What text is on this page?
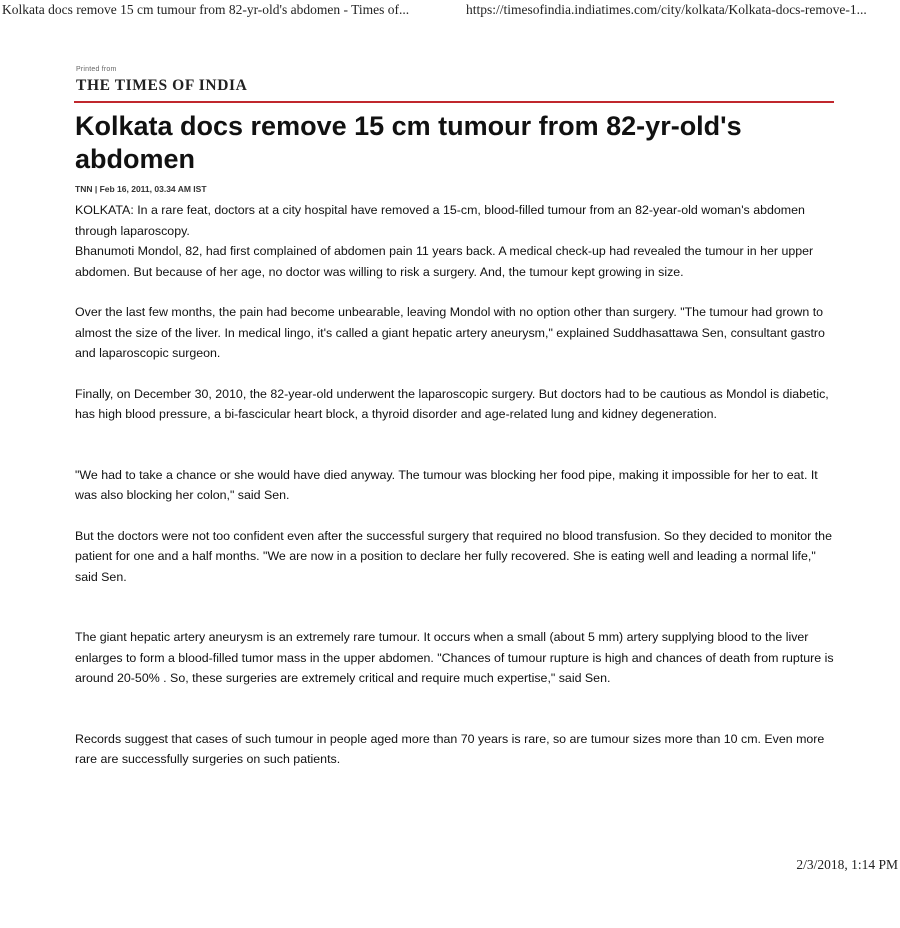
Kolkata docs remove 15 cm tumour from 82-yr-old's abdomen - Times of...	https://timesofindia.indiatimes.com/city/kolkata/Kolkata-docs-remove-1...
Printed from
THE TIMES OF INDIA
Kolkata docs remove 15 cm tumour from 82-yr-old's abdomen
TNN | Feb 16, 2011, 03.34 AM IST

KOLKATA: In a rare feat, doctors at a city hospital have removed a 15-cm, blood-filled tumour from an 82-year-old woman's abdomen through laparoscopy.

Bhanumoti Mondol, 82, had first complained of abdomen pain 11 years back. A medical check-up had revealed the tumour in her upper abdomen. But because of her age, no doctor was willing to risk a surgery. And, the tumour kept growing in size.

Over the last few months, the pain had become unbearable, leaving Mondol with no option other than surgery. "The tumour had grown to almost the size of the liver. In medical lingo, it's called a giant hepatic artery aneurysm," explained Suddhasattawa Sen, consultant gastro and laparoscopic surgeon.

Finally, on December 30, 2010, the 82-year-old underwent the laparoscopic surgery. But doctors had to be cautious as Mondol is diabetic, has high blood pressure, a bi-fascicular heart block, a thyroid disorder and age-related lung and kidney degeneration.

"We had to take a chance or she would have died anyway. The tumour was blocking her food pipe, making it impossible for her to eat. It was also blocking her colon," said Sen.

But the doctors were not too confident even after the successful surgery that required no blood transfusion. So they decided to monitor the patient for one and a half months. "We are now in a position to declare her fully recovered. She is eating well and leading a normal life," said Sen.

The giant hepatic artery aneurysm is an extremely rare tumour. It occurs when a small (about 5 mm) artery supplying blood to the liver enlarges to form a blood-filled tumor mass in the upper abdomen. "Chances of tumour rupture is high and chances of death from rupture is around 20-50% . So, these surgeries are extremely critical and require much expertise," said Sen.

Records suggest that cases of such tumour in people aged more than 70 years is rare, so are tumour sizes more than 10 cm. Even more rare are successfully surgeries on such patients.

2/3/2018, 1:14 PM
